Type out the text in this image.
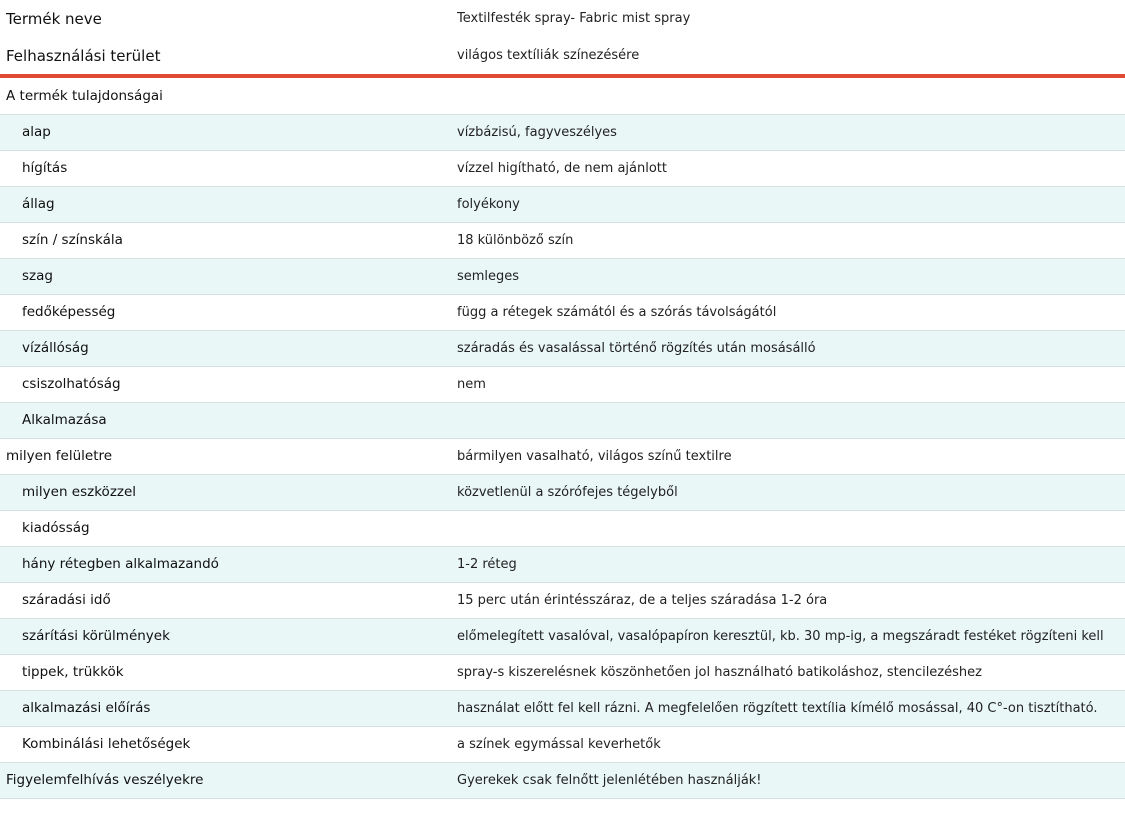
Termék neve	Textilfesték spray- Fabric mist spray
Felhasználási terület	világos textíliák színezésére
A termék tulajdonságai	
alap	vízbázisú, fagyveszélyes
hígítás	vízzel higítható, de nem ajánlott
állag	folyékony
szín / színskála	18 különböző szín
szag	semleges
fedőképesség	függ a rétegek számától és a szórás távolságától
vízállóság	száradás és vasalással történő rögzítés után mosásálló
csiszolhatóság	nem
Alkalmazása	
milyen felületre	bármilyen vasalható, világos színű textilre
milyen eszközzel	közvetlenül a szórófejes tégelyből
kiadósság	
hány rétegben alkalmazandó	1-2 réteg
száradási idő	15 perc után érintésszáraz, de a teljes száradása 1-2 óra
szárítási körülmények	előmelegített vasalóval, vasalópapíron keresztül, kb. 30 mp-ig, a megszáradt festéket rögzíteni kell
tippek, trükkök	spray-s kiszerelésnek köszönhetően jol használható batikoláshoz, stencilezéshez
alkalmazási előírás	használat előtt fel kell rázni. A megfelelően rögzített textília kímélő mosással, 40 C°-on tisztítható.
Kombinálási lehetőségek	a színek egymással keverhetők
Figyelemfelhívás veszélyekre	Gyerekek csak felnőtt jelenlétében használják!
